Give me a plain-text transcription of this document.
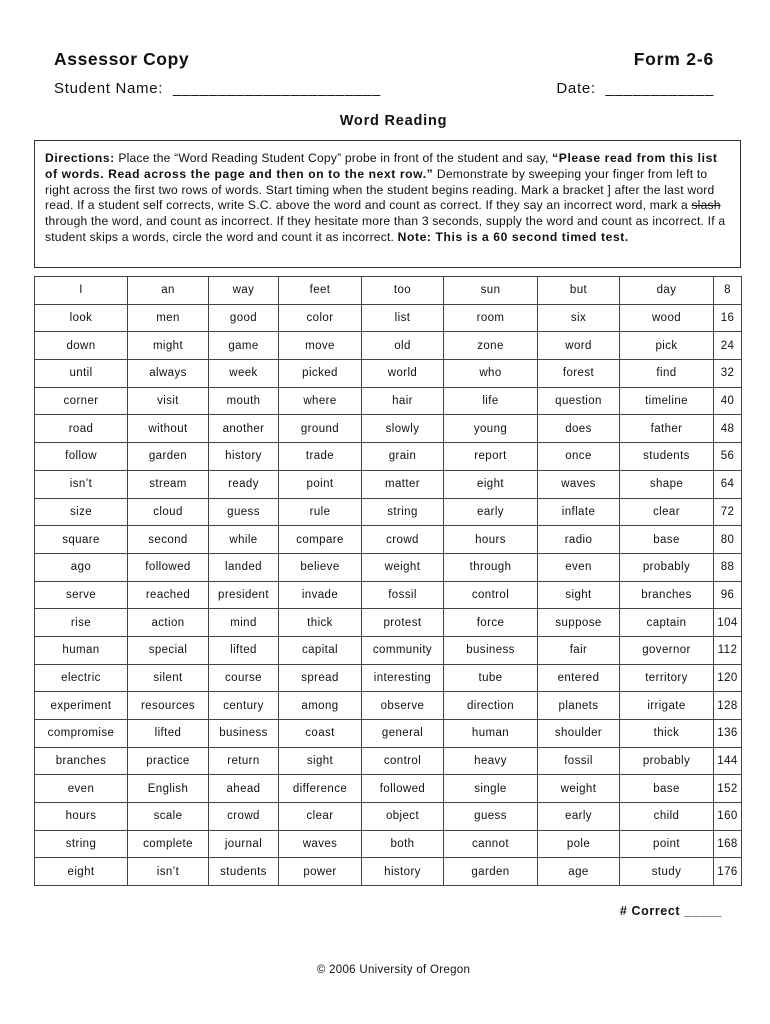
Assessor Copy	Form 2-6
Student Name:  _______________________	Date:  ____________
Word Reading
Directions: Place the “Word Reading Student Copy” probe in front of the student and say, “Please read from this list of words. Read across the page and then on to the next row.” Demonstrate by sweeping your finger from left to right across the first two rows of words. Start timing when the student begins reading. Mark a bracket ] after the last word read. If a student self corrects, write S.C. above the word and count as correct. If they say an incorrect word, mark a slash through the word, and count as incorrect. If they hesitate more than 3 seconds, supply the word and count as incorrect. If a student skips a words, circle the word and count it as incorrect. Note: This is a 60 second timed test.
I	an	way	feet	too	sun	but	day	8
look	men	good	color	list	room	six	wood	16
down	might	game	move	old	zone	word	pick	24
until	always	week	picked	world	who	forest	find	32
corner	visit	mouth	where	hair	life	question	timeline	40
road	without	another	ground	slowly	young	does	father	48
follow	garden	history	trade	grain	report	once	students	56
isn’t	stream	ready	point	matter	eight	waves	shape	64
size	cloud	guess	rule	string	early	inflate	clear	72
square	second	while	compare	crowd	hours	radio	base	80
ago	followed	landed	believe	weight	through	even	probably	88
serve	reached	president	invade	fossil	control	sight	branches	96
rise	action	mind	thick	protest	force	suppose	captain	104
human	special	lifted	capital	community	business	fair	governor	112
electric	silent	course	spread	interesting	tube	entered	territory	120
experiment	resources	century	among	observe	direction	planets	irrigate	128
compromise	lifted	business	coast	general	human	shoulder	thick	136
branches	practice	return	sight	control	heavy	fossil	probably	144
even	English	ahead	difference	followed	single	weight	base	152
hours	scale	crowd	clear	object	guess	early	child	160
string	complete	journal	waves	both	cannot	pole	point	168
eight	isn’t	students	power	history	garden	age	study	176
# Correct _____
© 2006 University of Oregon
